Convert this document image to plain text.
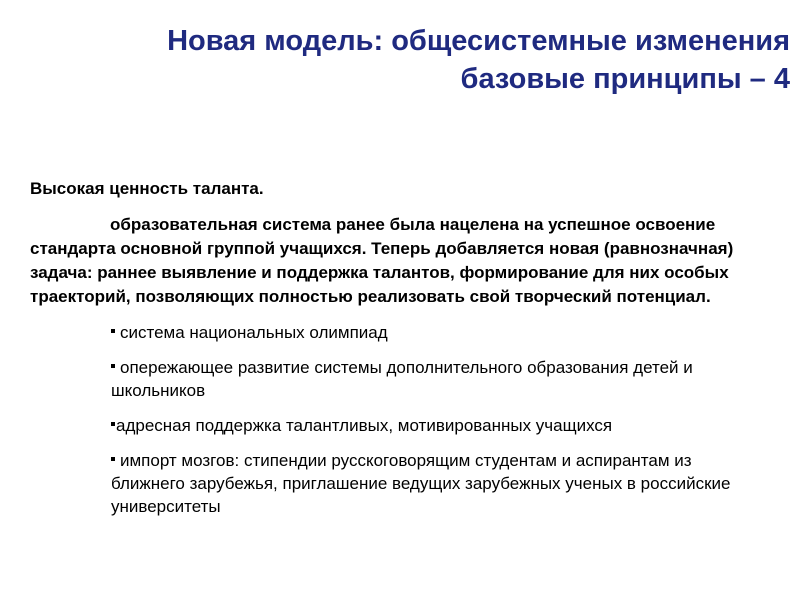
Новая модель: общесистемные изменения
базовые принципы – 4
Высокая ценность таланта.
образовательная система ранее была нацелена на успешное освоение стандарта основной группой учащихся. Теперь добавляется новая (равнозначная) задача: раннее выявление и поддержка талантов, формирование для них особых траекторий, позволяющих полностью реализовать свой творческий потенциал.
система национальных олимпиад
опережающее развитие системы дополнительного образования детей и школьников
адресная поддержка талантливых, мотивированных учащихся
импорт мозгов: стипендии русскоговорящим студентам и аспирантам из ближнего зарубежья, приглашение ведущих зарубежных ученых в российские университеты
